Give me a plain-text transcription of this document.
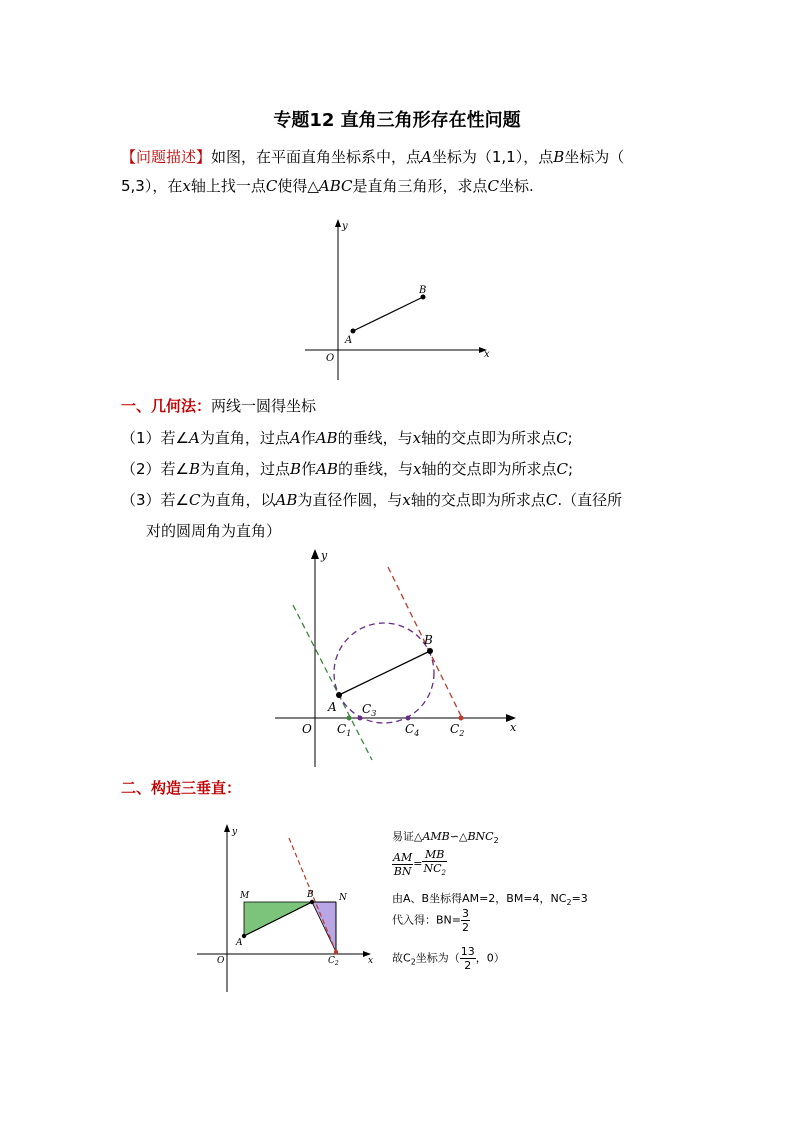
专题12 直角三角形存在性问题
【问题描述】如图，在平面直角坐标系中，点A坐标为（1,1），点B坐标为（
5,3），在x轴上找一点C使得△ABC是直角三角形，求点C坐标.
y
x
O
A
B
一、几何法：两线一圆得坐标
（1）若∠A为直角，过点A作AB的垂线，与x轴的交点即为所求点C;
（2）若∠B为直角，过点B作AB的垂线，与x轴的交点即为所求点C;
（3）若∠C为直角，以AB为直径作圆，与x轴的交点即为所求点C.（直径所
对的圆周角为直角）
y
x
O
A
B
$C_1$
$C_3$
$C_4$	$C_2$
二、构造三垂直：
y
x
O
A
B
M	N
$C_2$
易证$\triangle AMB∽\triangle BNC_2$
$\frac{AM}{BN} = \frac{MB}{NC_2}$
由A、B坐标得AM=2，BM=4，$NC_2=3$
代入得：$BN= \frac{3}{2}$
故$C_2$坐标为（ $\frac{13}{2}$ ，0）
